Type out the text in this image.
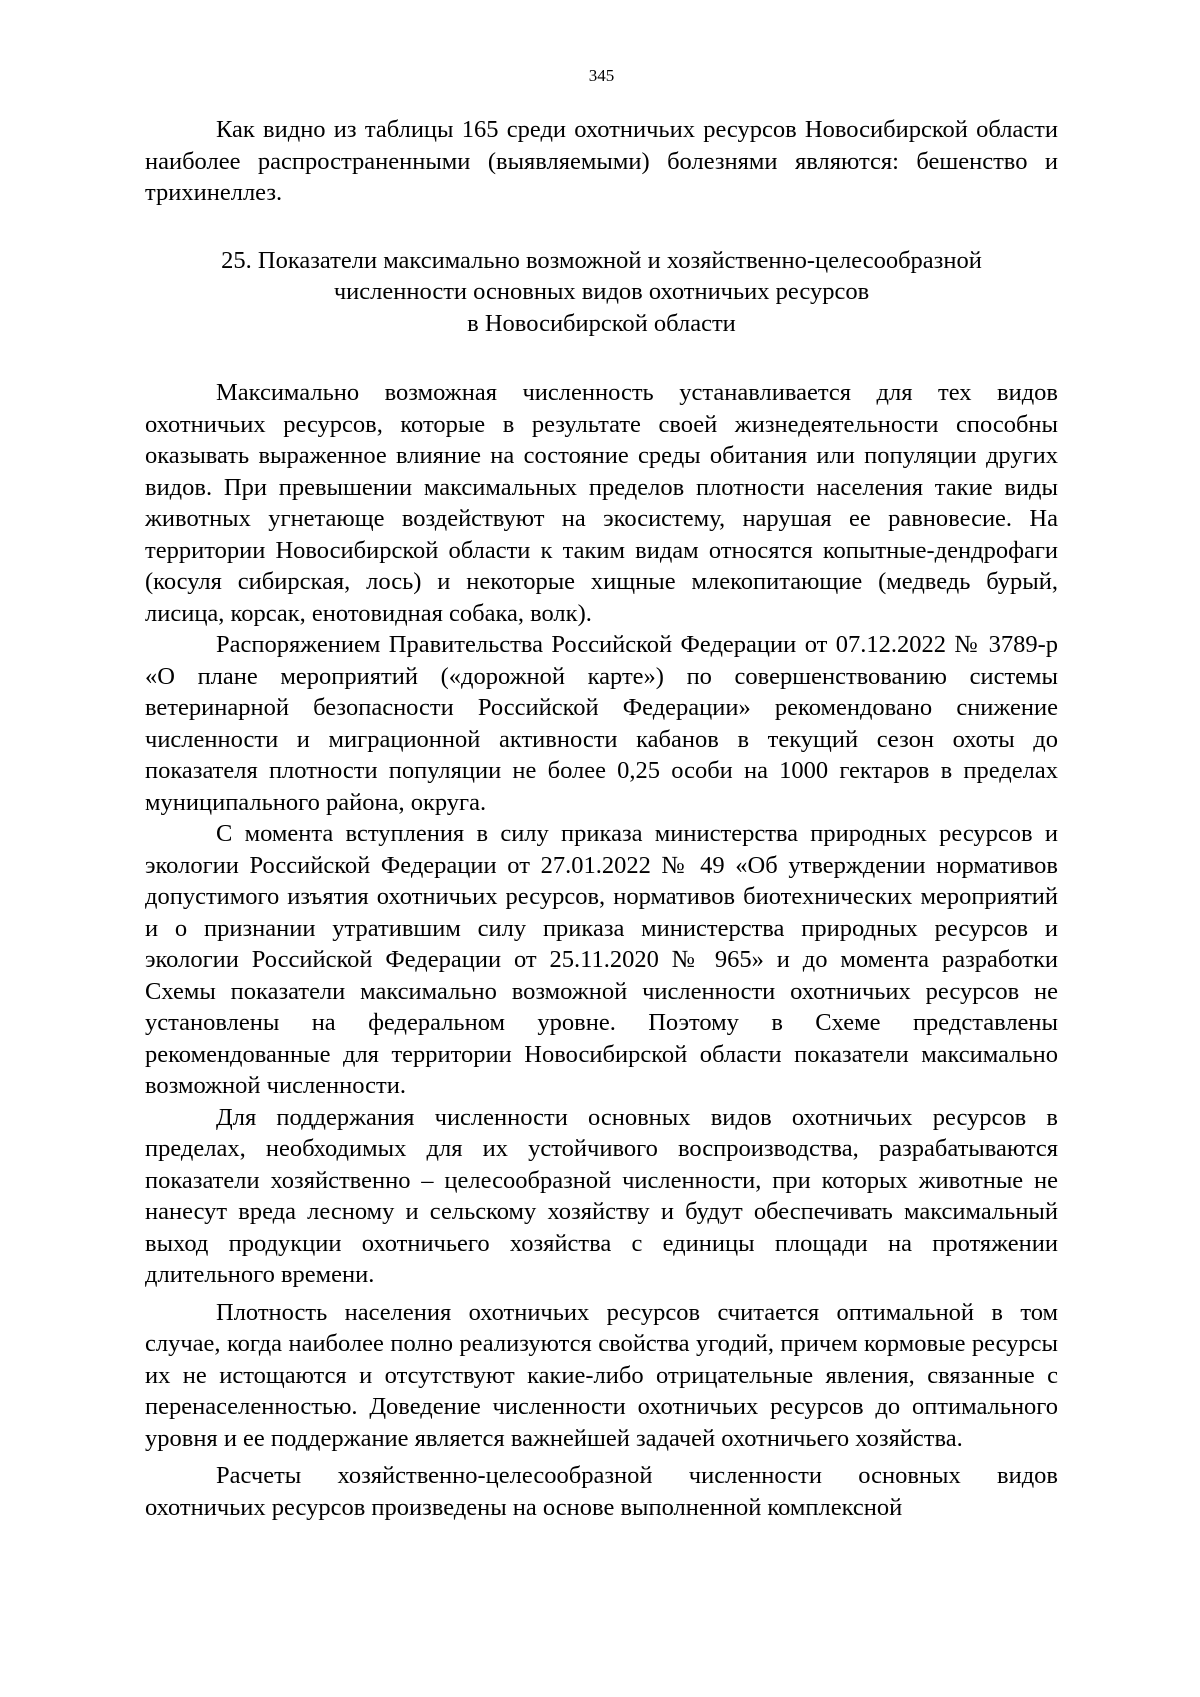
345

Как видно из таблицы 165 среди охотничьих ресурсов Новосибирской области наиболее распространенными (выявляемыми) болезнями являются: бешенство и трихинеллез.

25. Показатели максимально возможной и хозяйственно-целесообразной
численности основных видов охотничьих ресурсов
в Новосибирской области

Максимально возможная численность устанавливается для тех видов охотничьих ресурсов, которые в результате своей жизнедеятельности способны оказывать выраженное влияние на состояние среды обитания или популяции других видов. При превышении максимальных пределов плотности населения такие виды животных угнетающе воздействуют на экосистему, нарушая ее равновесие. На территории Новосибирской области к таким видам относятся копытные-дендрофаги (косуля сибирская, лось) и некоторые хищные млекопитающие (медведь бурый, лисица, корсак, енотовидная собака, волк).

Распоряжением Правительства Российской Федерации от 07.12.2022 № 3789-р «О плане мероприятий («дорожной карте») по совершенствованию системы ветеринарной безопасности Российской Федерации» рекомендовано снижение численности и миграционной активности кабанов в текущий сезон охоты до показателя плотности популяции не более 0,25 особи на 1000 гектаров в пределах муниципального района, округа.

С момента вступления в силу приказа министерства природных ресурсов и экологии Российской Федерации от 27.01.2022 № 49 «Об утверждении нормативов допустимого изъятия охотничьих ресурсов, нормативов биотехнических мероприятий и о признании утратившим силу приказа министерства природных ресурсов и экологии Российской Федерации от 25.11.2020 № 965» и до момента разработки Схемы показатели максимально возможной численности охотничьих ресурсов не установлены на федеральном уровне. Поэтому в Схеме представлены рекомендованные для территории Новосибирской области показатели максимально возможной численности.

Для поддержания численности основных видов охотничьих ресурсов в пределах, необходимых для их устойчивого воспроизводства, разрабатываются показатели хозяйственно – целесообразной численности, при которых животные не нанесут вреда лесному и сельскому хозяйству и будут обеспечивать максимальный выход продукции охотничьего хозяйства с единицы площади на протяжении длительного времени.

Плотность населения охотничьих ресурсов считается оптимальной в том случае, когда наиболее полно реализуются свойства угодий, причем кормовые ресурсы их не истощаются и отсутствуют какие-либо отрицательные явления, связанные с перенаселенностью. Доведение численности охотничьих ресурсов до оптимального уровня и ее поддержание является важнейшей задачей охотничьего хозяйства.

Расчеты хозяйственно-целесообразной численности основных видов охотничьих ресурсов произведены на основе выполненной комплексной
